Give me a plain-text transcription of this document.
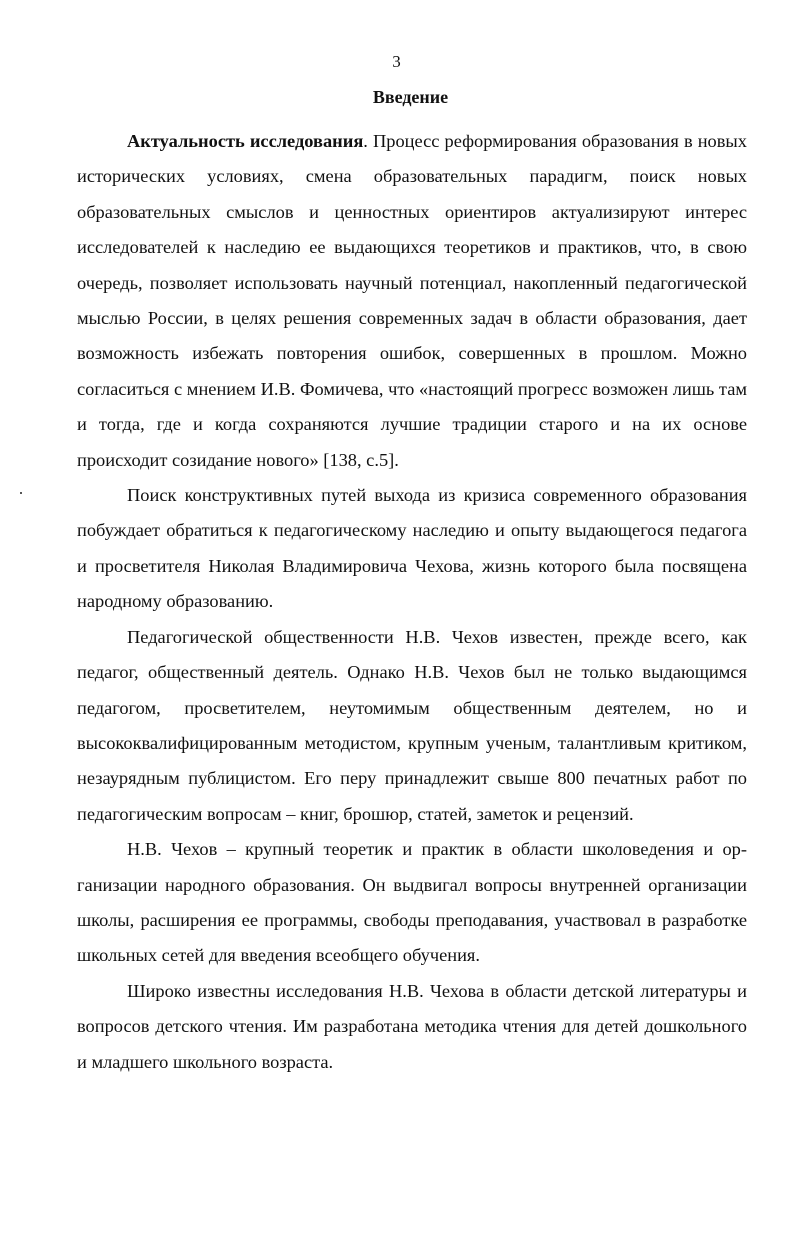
3
Введение

Актуальность исследования. Процесс реформирования образования в новых исторических условиях, смена образовательных парадигм, поиск новых образовательных смыслов и ценностных ориентиров актуализируют интерес исследователей к наследию ее выдающихся теоретиков и практиков, что, в свою очередь, позволяет использовать научный потенциал, накопленный педагогической мыслью России, в целях решения современных задач в области образования, дает возможность избежать повторения ошибок, совершенных в прошлом. Можно согласиться с мнением И.В. Фомичева, что «настоящий прогресс возможен лишь там и тогда, где и когда сохраняются лучшие традиции старого и на их основе происходит созидание нового» [138, с.5].

Поиск конструктивных путей выхода из кризиса современного образования побуждает обратиться к педагогическому наследию и опыту выдающегося педагога и просветителя Николая Владимировича Чехова, жизнь которого была посвящена народному образованию.

Педагогической общественности Н.В. Чехов известен, прежде всего, как педагог, общественный деятель. Однако Н.В. Чехов был не только выдающимся педагогом, просветителем, неутомимым общественным деятелем, но и высококвалифицированным методистом, крупным ученым, талантливым критиком, незаурядным публицистом. Его перу принадлежит свыше 800 печатных работ по педагогическим вопросам – книг, брошюр, статей, заметок и рецензий.

Н.В. Чехов – крупный теоретик и практик в области школоведения и организации народного образования. Он выдвигал вопросы внутренней организации школы, расширения ее программы, свободы преподавания, участвовал в разработке школьных сетей для введения всеобщего обучения.

Широко известны исследования Н.В. Чехова в области детской литературы и вопросов детского чтения. Им разработана методика чтения для детей дошкольного и младшего школьного возраста.
